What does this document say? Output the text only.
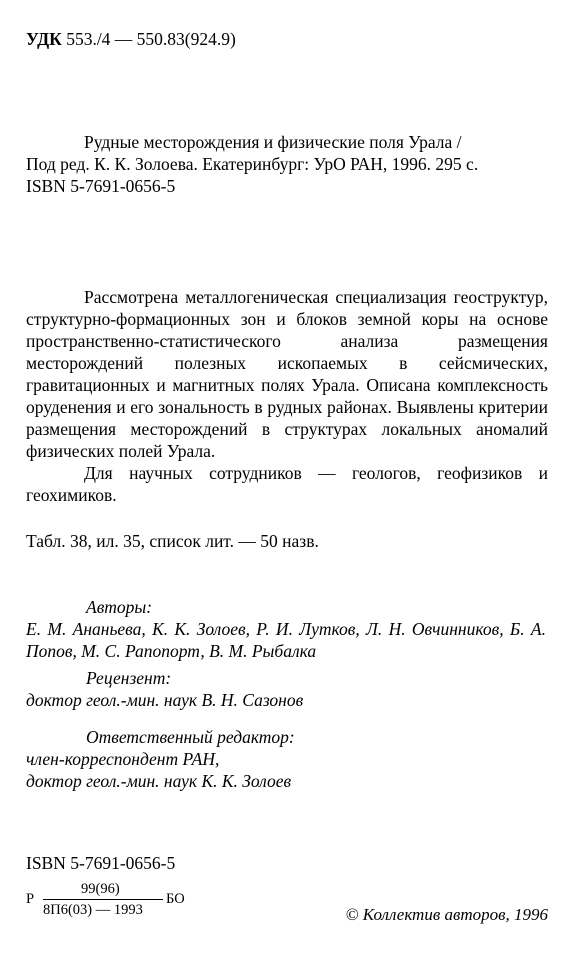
УДК 553./4 — 550.83(924.9)
Рудные месторождения и физические поля Урала /
Под ред. К. К. Золоева. Екатеринбург: УрО РАН, 1996. 295 с.
ISBN 5-7691-0656-5

Рассмотрена металлогеническая специализация геоструктур, структурно-формационных зон и блоков земной коры на основе пространственно-статистического анализа размещения месторождений полезных ископаемых в сейсмических, гравитационных и магнитных полях Урала. Описана комплексность оруденения и его зональность в рудных районах. Выявлены критерии размещения месторождений в структурах локальных аномалий физических полей Урала.

Для научных сотрудников — геологов, геофизиков и геохимиков.

Табл. 38, ил. 35, список лит. — 50 назв.
Авторы:
Е. М. Ананьева, К. К. Золоев, Р. И. Лутков, Л. Н. Овчинников, Б. А. Попов, М. С. Рапопорт, В. М. Рыбалка
Рецензент:
доктор геол.-мин. наук В. Н. Сазонов
Ответственный редактор:
член-корреспондент РАН,
доктор геол.-мин. наук К. К. Золоев
ISBN 5-7691-0656-5
Р
99(96)
8П6(03) — 1993
БО
© Коллектив авторов, 1996
